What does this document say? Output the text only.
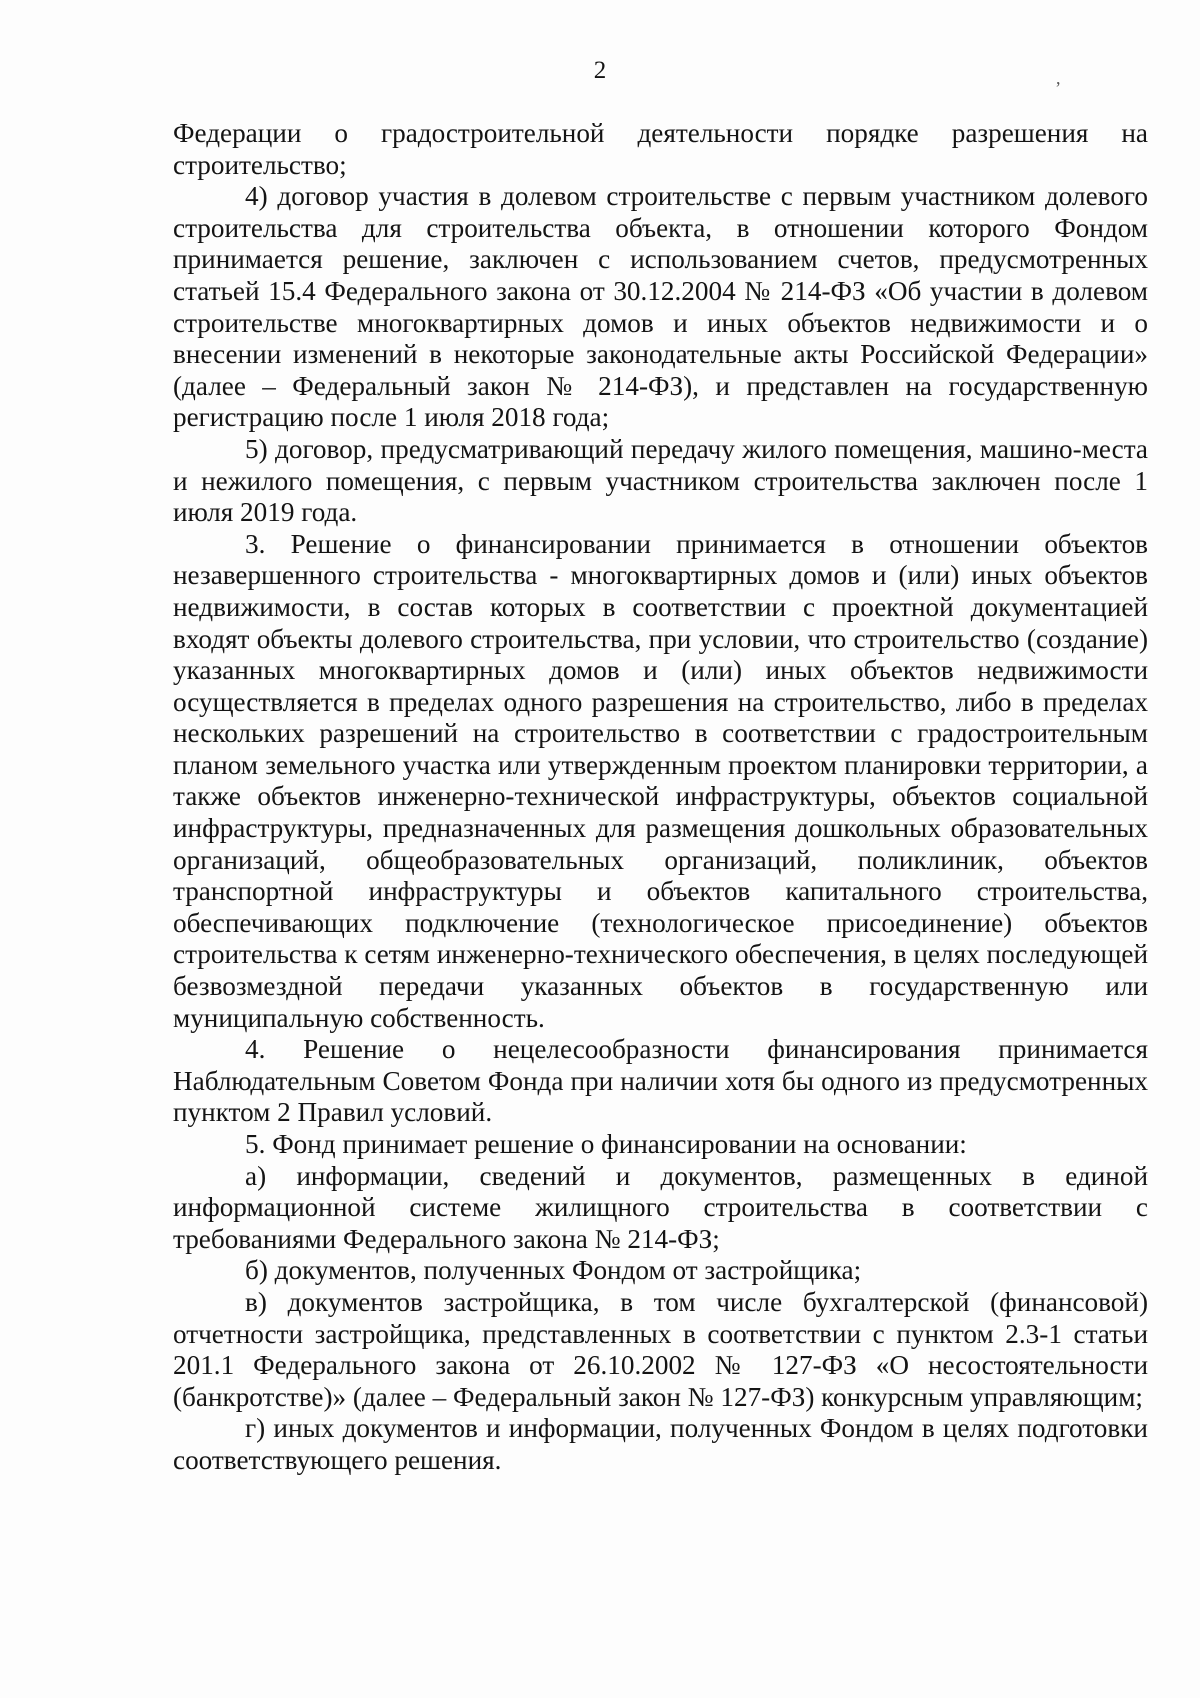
2	,

Федерации о градостроительной деятельности порядке разрешения на строительство;

4) договор участия в долевом строительстве с первым участником долевого строительства для строительства объекта, в отношении которого Фондом принимается решение, заключен с использованием счетов, предусмотренных статьей 15.4 Федерального закона от 30.12.2004 № 214-ФЗ «Об участии в долевом строительстве многоквартирных домов и иных объектов недвижимости и о внесении изменений в некоторые законодательные акты Российской Федерации» (далее – Федеральный закон № 214-ФЗ), и представлен на государственную регистрацию после 1 июля 2018 года;

5) договор, предусматривающий передачу жилого помещения, машино-места и нежилого помещения, с первым участником строительства заключен после 1 июля 2019 года.

3. Решение о финансировании принимается в отношении объектов незавершенного строительства - многоквартирных домов и (или) иных объектов недвижимости, в состав которых в соответствии с проектной документацией входят объекты долевого строительства, при условии, что строительство (создание) указанных многоквартирных домов и (или) иных объектов недвижимости осуществляется в пределах одного разрешения на строительство, либо в пределах нескольких разрешений на строительство в соответствии с градостроительным планом земельного участка или утвержденным проектом планировки территории, а также объектов инженерно-технической инфраструктуры, объектов социальной инфраструктуры, предназначенных для размещения дошкольных образовательных организаций, общеобразовательных организаций, поликлиник, объектов транспортной инфраструктуры и объектов капитального строительства, обеспечивающих подключение (технологическое присоединение) объектов строительства к сетям инженерно-технического обеспечения, в целях последующей безвозмездной передачи указанных объектов в государственную или муниципальную собственность.

4. Решение о нецелесообразности финансирования принимается Наблюдательным Советом Фонда при наличии хотя бы одного из предусмотренных пунктом 2 Правил условий.

5. Фонд принимает решение о финансировании на основании:

а) информации, сведений и документов, размещенных в единой информационной системе жилищного строительства в соответствии с требованиями Федерального закона № 214-ФЗ;

б) документов, полученных Фондом от застройщика;

в) документов застройщика, в том числе бухгалтерской (финансовой) отчетности застройщика, представленных в соответствии с пунктом 2.3-1 статьи 201.1 Федерального закона от 26.10.2002 № 127-ФЗ «О несостоятельности (банкротстве)» (далее – Федеральный закон № 127-ФЗ) конкурсным управляющим;

г) иных документов и информации, полученных Фондом в целях подготовки соответствующего решения.
